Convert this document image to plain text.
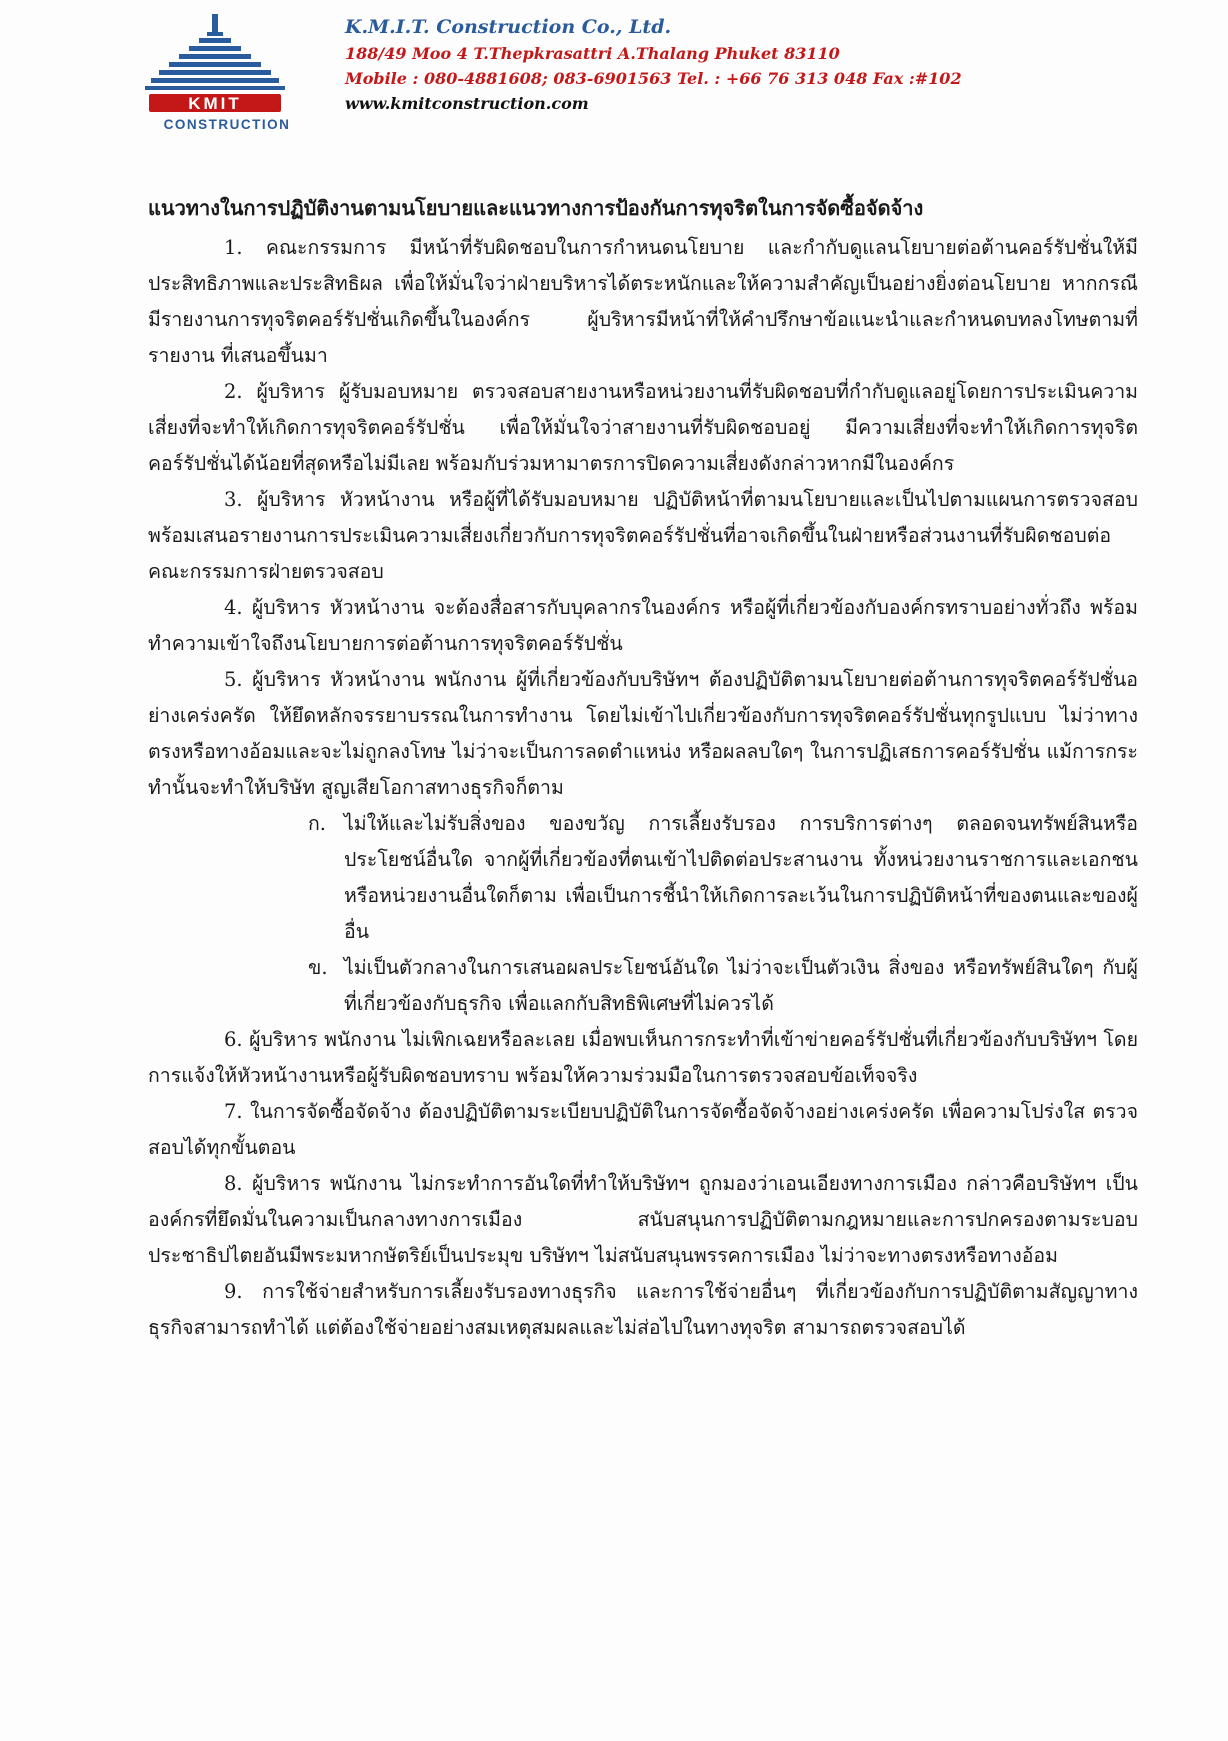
KMIT
CONSTRUCTION
K.M.I.T. Construction Co., Ltd.
188/49 Moo 4 T.Thepkrasattri A.Thalang Phuket 83110
Mobile : 080-4881608; 083-6901563 Tel. : +66 76 313 048 Fax :#102
www.kmitconstruction.com
แนวทางในการปฏิบัติงานตามนโยบายและแนวทางการป้องกันการทุจริตในการจัดซื้อจัดจ้าง

1. คณะกรรมการ มีหน้าที่รับผิดชอบในการกำหนดนโยบาย และกำกับดูแลนโยบายต่อต้านคอร์รัปชั่นให้มีประสิทธิภาพและประสิทธิผล เพื่อให้มั่นใจว่าฝ่ายบริหารได้ตระหนักและให้ความสำคัญเป็นอย่างยิ่งต่อนโยบาย หากกรณีมีรายงานการทุจริตคอร์รัปชั่นเกิดขึ้นในองค์กร ผู้บริหารมีหน้าที่ให้คำปรึกษาข้อแนะนำและกำหนดบทลงโทษตามที่รายงาน ที่เสนอขึ้นมา

2. ผู้บริหาร ผู้รับมอบหมาย ตรวจสอบสายงานหรือหน่วยงานที่รับผิดชอบที่กำกับดูแลอยู่โดยการประเมินความเสี่ยงที่จะทำให้เกิดการทุจริตคอร์รัปชั่น เพื่อให้มั่นใจว่าสายงานที่รับผิดชอบอยู่ มีความเสี่ยงที่จะทำให้เกิดการทุจริตคอร์รัปชั่นได้น้อยที่สุดหรือไม่มีเลย พร้อมกับร่วมหามาตรการปิดความเสี่ยงดังกล่าวหากมีในองค์กร

3. ผู้บริหาร หัวหน้างาน หรือผู้ที่ได้รับมอบหมาย ปฏิบัติหน้าที่ตามนโยบายและเป็นไปตามแผนการตรวจสอบ พร้อมเสนอรายงานการประเมินความเสี่ยงเกี่ยวกับการทุจริตคอร์รัปชั่นที่อาจเกิดขึ้นในฝ่ายหรือส่วนงานที่รับผิดชอบต่อคณะกรรมการฝ่ายตรวจสอบ

4. ผู้บริหาร หัวหน้างาน จะต้องสื่อสารกับบุคลากรในองค์กร หรือผู้ที่เกี่ยวข้องกับองค์กรทราบอย่างทั่วถึง พร้อมทำความเข้าใจถึงนโยบายการต่อต้านการทุจริตคอร์รัปชั่น

5. ผู้บริหาร หัวหน้างาน พนักงาน ผู้ที่เกี่ยวข้องกับบริษัทฯ ต้องปฏิบัติตามนโยบายต่อต้านการทุจริตคอร์รัปชั่นอย่างเคร่งครัด ให้ยึดหลักจรรยาบรรณในการทำงาน โดยไม่เข้าไปเกี่ยวข้องกับการทุจริตคอร์รัปชั่นทุกรูปแบบ ไม่ว่าทางตรงหรือทางอ้อมและจะไม่ถูกลงโทษ ไม่ว่าจะเป็นการลดตำแหน่ง หรือผลลบใดๆ ในการปฏิเสธการคอร์รัปชั่น แม้การกระทำนั้นจะทำให้บริษัท สูญเสียโอกาสทางธุรกิจก็ตาม

ก. ไม่ให้และไม่รับสิ่งของ ของขวัญ การเลี้ยงรับรอง การบริการต่างๆ ตลอดจนทรัพย์สินหรือประโยชน์อื่นใด จากผู้ที่เกี่ยวข้องที่ตนเข้าไปติดต่อประสานงาน ทั้งหน่วยงานราชการและเอกชน หรือหน่วยงานอื่นใดก็ตาม เพื่อเป็นการชี้นำให้เกิดการละเว้นในการปฏิบัติหน้าที่ของตนและของผู้อื่น
ข. ไม่เป็นตัวกลางในการเสนอผลประโยชน์อันใด ไม่ว่าจะเป็นตัวเงิน สิ่งของ หรือทรัพย์สินใดๆ กับผู้ที่เกี่ยวข้องกับธุรกิจ เพื่อแลกกับสิทธิพิเศษที่ไม่ควรได้

6. ผู้บริหาร พนักงาน ไม่เพิกเฉยหรือละเลย เมื่อพบเห็นการกระทำที่เข้าข่ายคอร์รัปชั่นที่เกี่ยวข้องกับบริษัทฯ โดยการแจ้งให้หัวหน้างานหรือผู้รับผิดชอบทราบ พร้อมให้ความร่วมมือในการตรวจสอบข้อเท็จจริง

7. ในการจัดซื้อจัดจ้าง ต้องปฏิบัติตามระเบียบปฏิบัติในการจัดซื้อจัดจ้างอย่างเคร่งครัด เพื่อความโปร่งใส ตรวจสอบได้ทุกขั้นตอน

8. ผู้บริหาร พนักงาน ไม่กระทำการอันใดที่ทำให้บริษัทฯ ถูกมองว่าเอนเอียงทางการเมือง กล่าวคือบริษัทฯ เป็นองค์กรที่ยึดมั่นในความเป็นกลางทางการเมือง สนับสนุนการปฏิบัติตามกฎหมายและการปกครองตามระบอบประชาธิปไตยอันมีพระมหากษัตริย์เป็นประมุข บริษัทฯ ไม่สนับสนุนพรรคการเมือง ไม่ว่าจะทางตรงหรือทางอ้อม

9. การใช้จ่ายสำหรับการเลี้ยงรับรองทางธุรกิจ และการใช้จ่ายอื่นๆ ที่เกี่ยวข้องกับการปฏิบัติตามสัญญาทางธุรกิจสามารถทำได้ แต่ต้องใช้จ่ายอย่างสมเหตุสมผลและไม่ส่อไปในทางทุจริต สามารถตรวจสอบได้
